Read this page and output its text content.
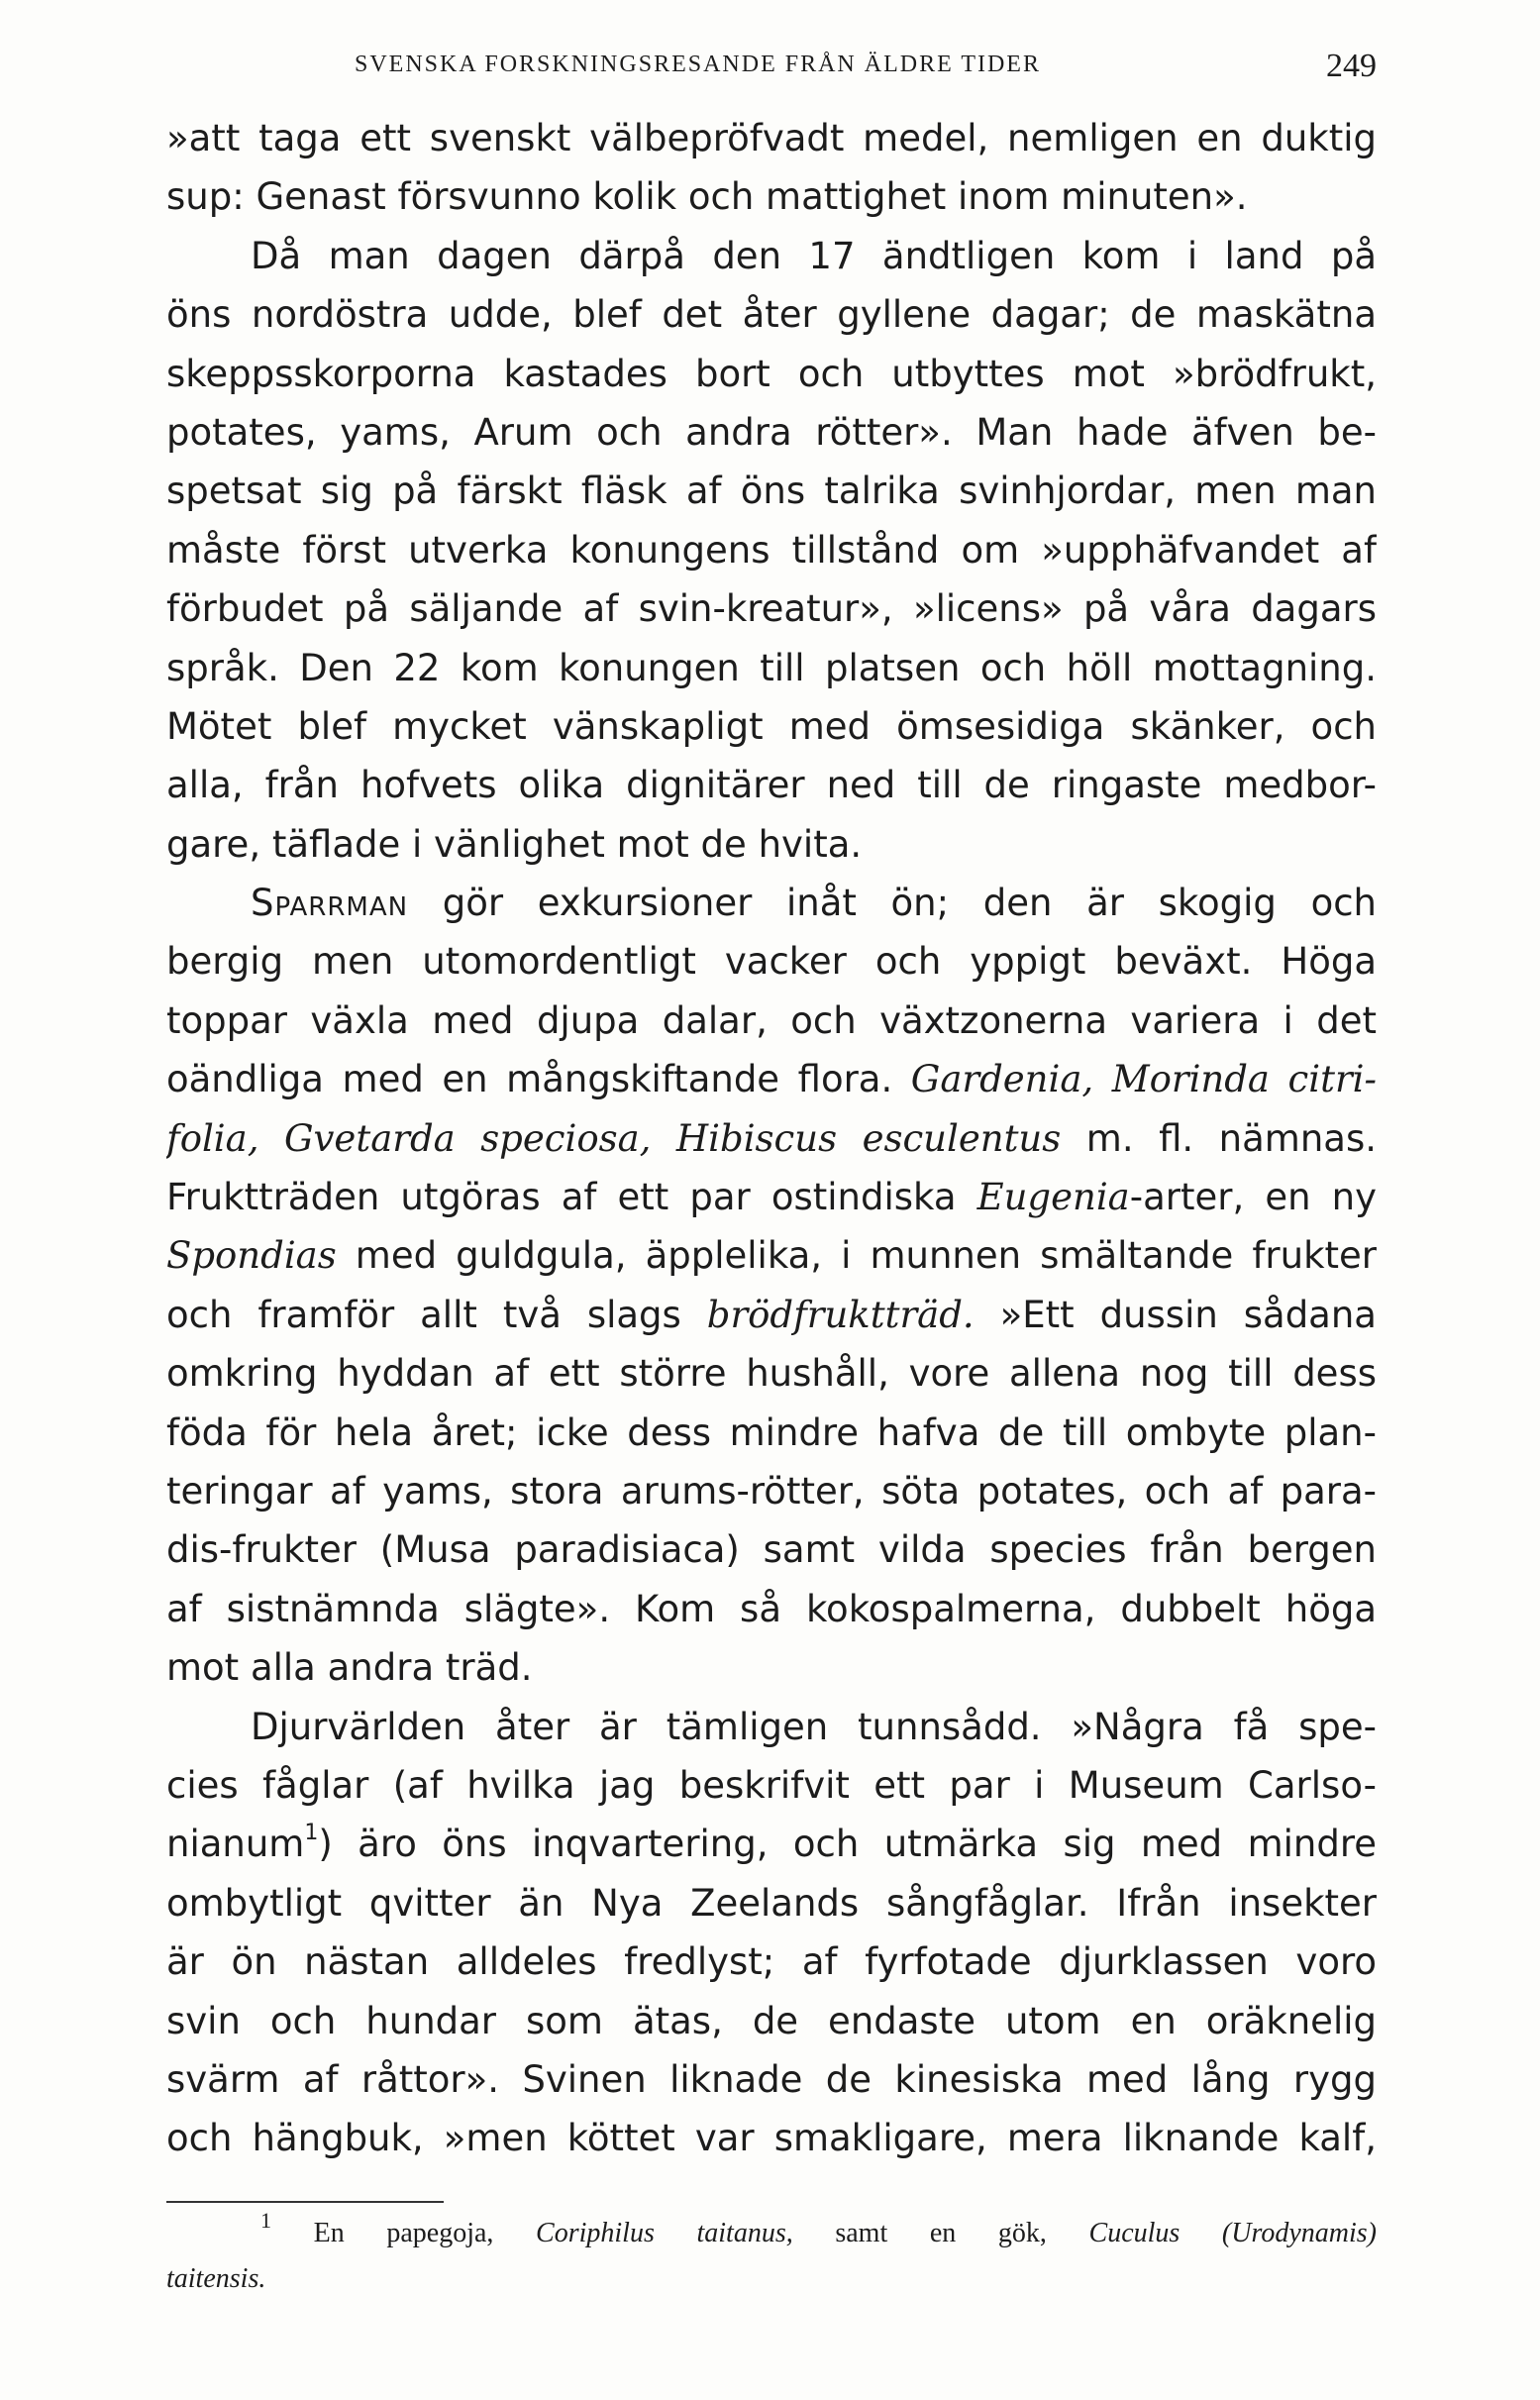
SVENSKA FORSKNINGSRESANDE FRÅN ÄLDRE TIDER	249
»att taga ett svenskt välbepröfvadt medel, nemligen en duktig
sup: Genast försvunno kolik och mattighet inom minuten».
Då man dagen därpå den 17 ändtligen kom i land på
öns nordöstra udde, blef det åter gyllene dagar; de maskätna
skeppsskorporna kastades bort och utbyttes mot »brödfrukt,
potates, yams, Arum och andra rötter». Man hade äfven be-
spetsat sig på färskt fläsk af öns talrika svinhjordar, men man
måste först utverka konungens tillstånd om »upphäfvandet af
förbudet på säljande af svin-kreatur», »licens» på våra dagars
språk. Den 22 kom konungen till platsen och höll mottagning.
Mötet blef mycket vänskapligt med ömsesidiga skänker, och
alla, från hofvets olika dignitärer ned till de ringaste medbor-
gare, täflade i vänlighet mot de hvita.
Sparrman gör exkursioner inåt ön; den är skogig och
bergig men utomordentligt vacker och yppigt beväxt. Höga
toppar växla med djupa dalar, och växtzonerna variera i det
oändliga med en mångskiftande flora. Gardenia, Morinda citri-
folia, Gvetarda speciosa, Hibiscus esculentus m. fl. nämnas.
Fruktträden utgöras af ett par ostindiska Eugenia-arter, en ny
Spondias med guldgula, äpplelika, i munnen smältande frukter
och framför allt två slags brödfruktträd. »Ett dussin sådana
omkring hyddan af ett större hushåll, vore allena nog till dess
föda för hela året; icke dess mindre hafva de till ombyte plan-
teringar af yams, stora arums-rötter, söta potates, och af para-
dis-frukter (Musa paradisiaca) samt vilda species från bergen
af sistnämnda slägte». Kom så kokospalmerna, dubbelt höga
mot alla andra träd.
Djurvärlden åter är tämligen tunnsådd. »Några få spe-
cies fåglar (af hvilka jag beskrifvit ett par i Museum Carlso-
nianum$^1$) äro öns inqvartering, och utmärka sig med mindre
ombytligt qvitter än Nya Zeelands sångfåglar. Ifrån insekter
är ön nästan alldeles fredlyst; af fyrfotade djurklassen voro
svin och hundar som ätas, de endaste utom en oräknelig
svärm af råttor». Svinen liknade de kinesiska med lång rygg
och hängbuk, »men köttet var smakligare, mera liknande kalf,
$^1$ En papegoja, Coriphilus taitanus, samt en gök, Cuculus (Urodynamis)
taitensis.
